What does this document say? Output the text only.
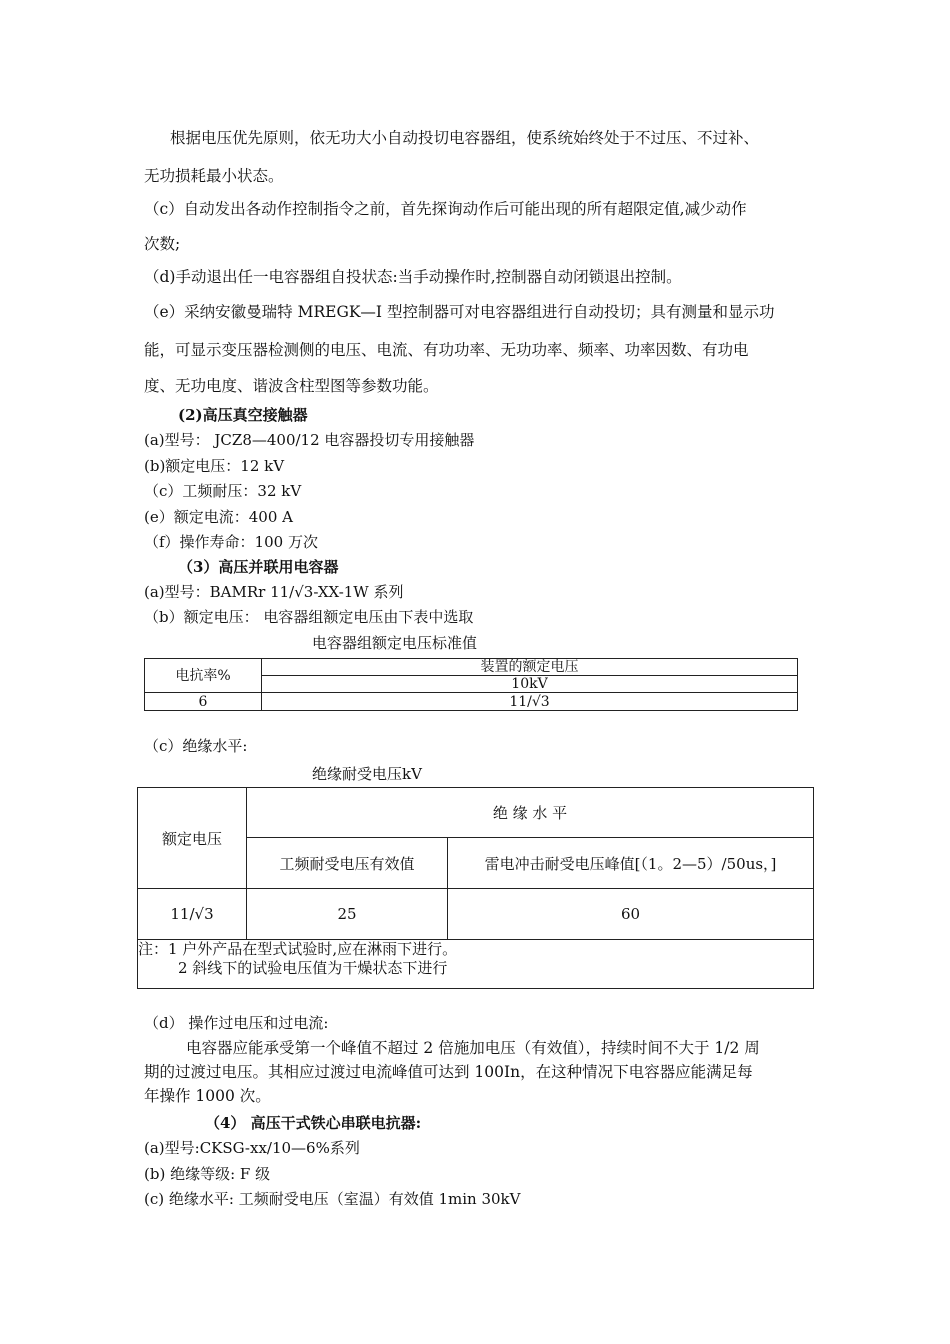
根据电压优先原则，依无功大小自动投切电容器组，使系统始终处于不过压、不过补、
无功损耗最小状态。
（c）自动发出各动作控制指令之前，首先探询动作后可能出现的所有超限定值,减少动作
次数;
（d)手动退出任一电容器组自投状态:当手动操作时,控制器自动闭锁退出控制。
（e）采纳安徽曼瑞特 MREGK—I 型控制器可对电容器组进行自动投切；具有测量和显示功
能，可显示变压器检测侧的电压、电流、有功功率、无功功率、频率、功率因数、有功电
度、无功电度、谐波含柱型图等参数功能。
(2)高压真空接触器
(a)型号： JCZ8—400/12 电容器投切专用接触器
(b)额定电压：12 kV
（c）工频耐压：32 kV
(e）额定电流：400 A
（f）操作寿命：100 万次
（3）高压并联用电容器
(a)型号：BAMRr 11/√3-XX-1W 系列
（b）额定电压： 电容器组额定电压由下表中选取
电容器组额定电压标准值
电抗率%	装置的额定电压
	10kV
6	11/√3
（c）绝缘水平:
绝缘耐受电压kV
额定电压	绝 缘 水 平	
	工频耐受电压有效值	雷电冲击耐受电压峰值[（1。2—5）/50us，]
11/√3	25	60

注：1 户外产品在型式试验时,应在淋雨下进行。
2 斜线下的试验电压值为干燥状态下进行		
（d） 操作过电压和过电流:
电容器应能承受第一个峰值不超过 2 倍施加电压（有效值），持续时间不大于 1/2 周
期的过渡过电压。其相应过渡过电流峰值可达到 100In，在这种情况下电容器应能满足每
年操作 1000 次。
（4） 高压干式铁心串联电抗器:
(a)型号:CKSG-xx/10—6%系列
(b) 绝缘等级: F 级
(c) 绝缘水平: 工频耐受电压（室温）有效值 1min 30kV
